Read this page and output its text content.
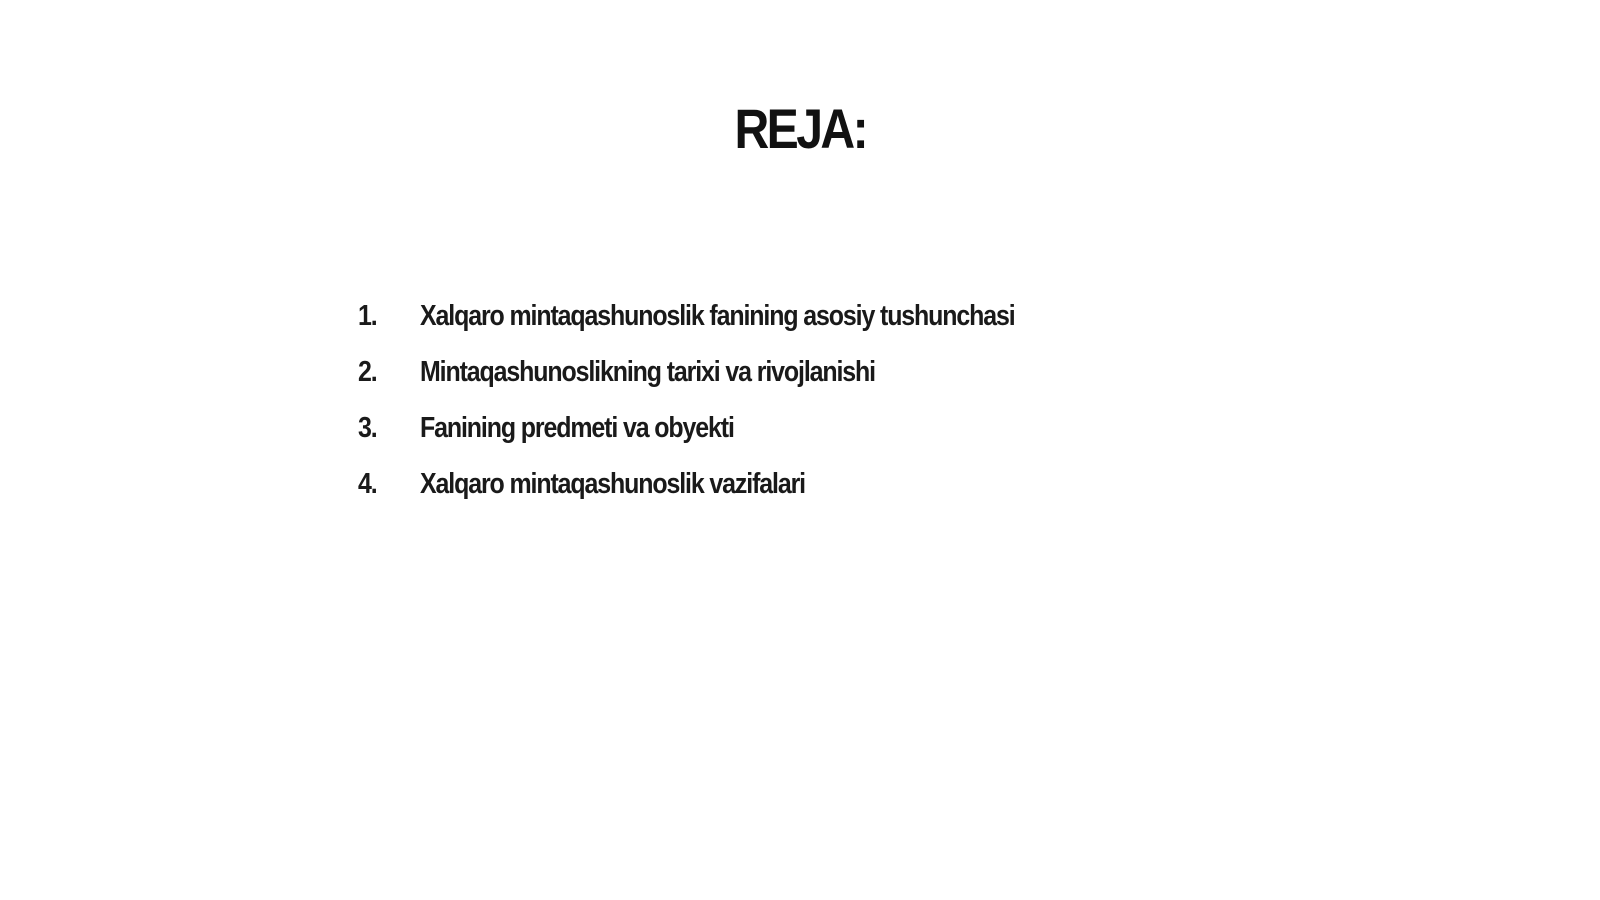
REJA:
1.	Xalqaro mintaqashunoslik fanining asosiy tushunchasi
2.	Mintaqashunoslikning tarixi va rivojlanishi
3.	Fanining predmeti va obyekti
4.	Xalqaro mintaqashunoslik vazifalari
